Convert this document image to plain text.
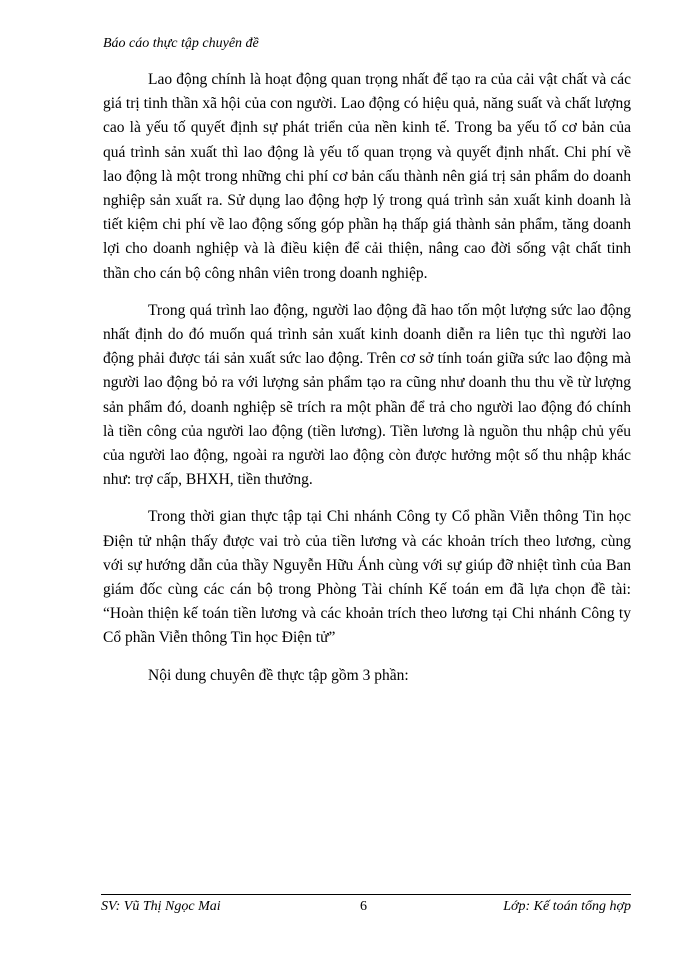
Báo cáo thực tập chuyên đề

Lao động chính là hoạt động quan trọng nhất để tạo ra của cải vật chất và các giá trị tinh thần xã hội của con người. Lao động có hiệu quả, năng suất và chất lượng cao là yếu tố quyết định sự phát triển của nền kinh tế. Trong ba yếu tố cơ bản của quá trình sản xuất thì lao động là yếu tố quan trọng và quyết định nhất. Chi phí về lao động là một trong những chi phí cơ bản cấu thành nên giá trị sản phẩm do doanh nghiệp sản xuất ra. Sử dụng lao động hợp lý trong quá trình sản xuất kinh doanh là tiết kiệm chi phí về lao động sống góp phần hạ thấp giá thành sản phẩm, tăng doanh lợi cho doanh nghiệp và là điều kiện để cải thiện, nâng cao đời sống vật chất tinh thần cho cán bộ công nhân viên trong doanh nghiệp.

Trong quá trình lao động, người lao động đã hao tốn một lượng sức lao động nhất định do đó muốn quá trình sản xuất kinh doanh diễn ra liên tục thì người lao động phải được tái sản xuất sức lao động. Trên cơ sở tính toán giữa sức lao động mà người lao động bỏ ra với lượng sản phẩm tạo ra cũng như doanh thu thu về từ lượng sản phẩm đó, doanh nghiệp sẽ trích ra một phần để trả cho người lao động đó chính là tiền công của người lao động (tiền lương). Tiền lương là nguồn thu nhập chủ yếu của người lao động, ngoài ra người lao động còn được hưởng một số thu nhập khác như: trợ cấp, BHXH, tiền thưởng.

Trong thời gian thực tập tại Chi nhánh Công ty Cổ phần Viễn thông Tin học Điện tử nhận thấy được vai trò của tiền lương và các khoản trích theo lương, cùng với sự hướng dẫn của thầy Nguyễn Hữu Ánh cùng với sự giúp đỡ nhiệt tình của Ban giám đốc cùng các cán bộ trong Phòng Tài chính Kế toán em đã lựa chọn đề tài: “Hoàn thiện kế toán tiền lương và các khoản trích theo lương tại Chi nhánh Công ty Cổ phần Viễn thông Tin học Điện tử”

Nội dung chuyên đề thực tập gồm 3 phần:

SV: Vũ Thị Ngọc Mai	6	Lớp: Kế toán tổng hợp
